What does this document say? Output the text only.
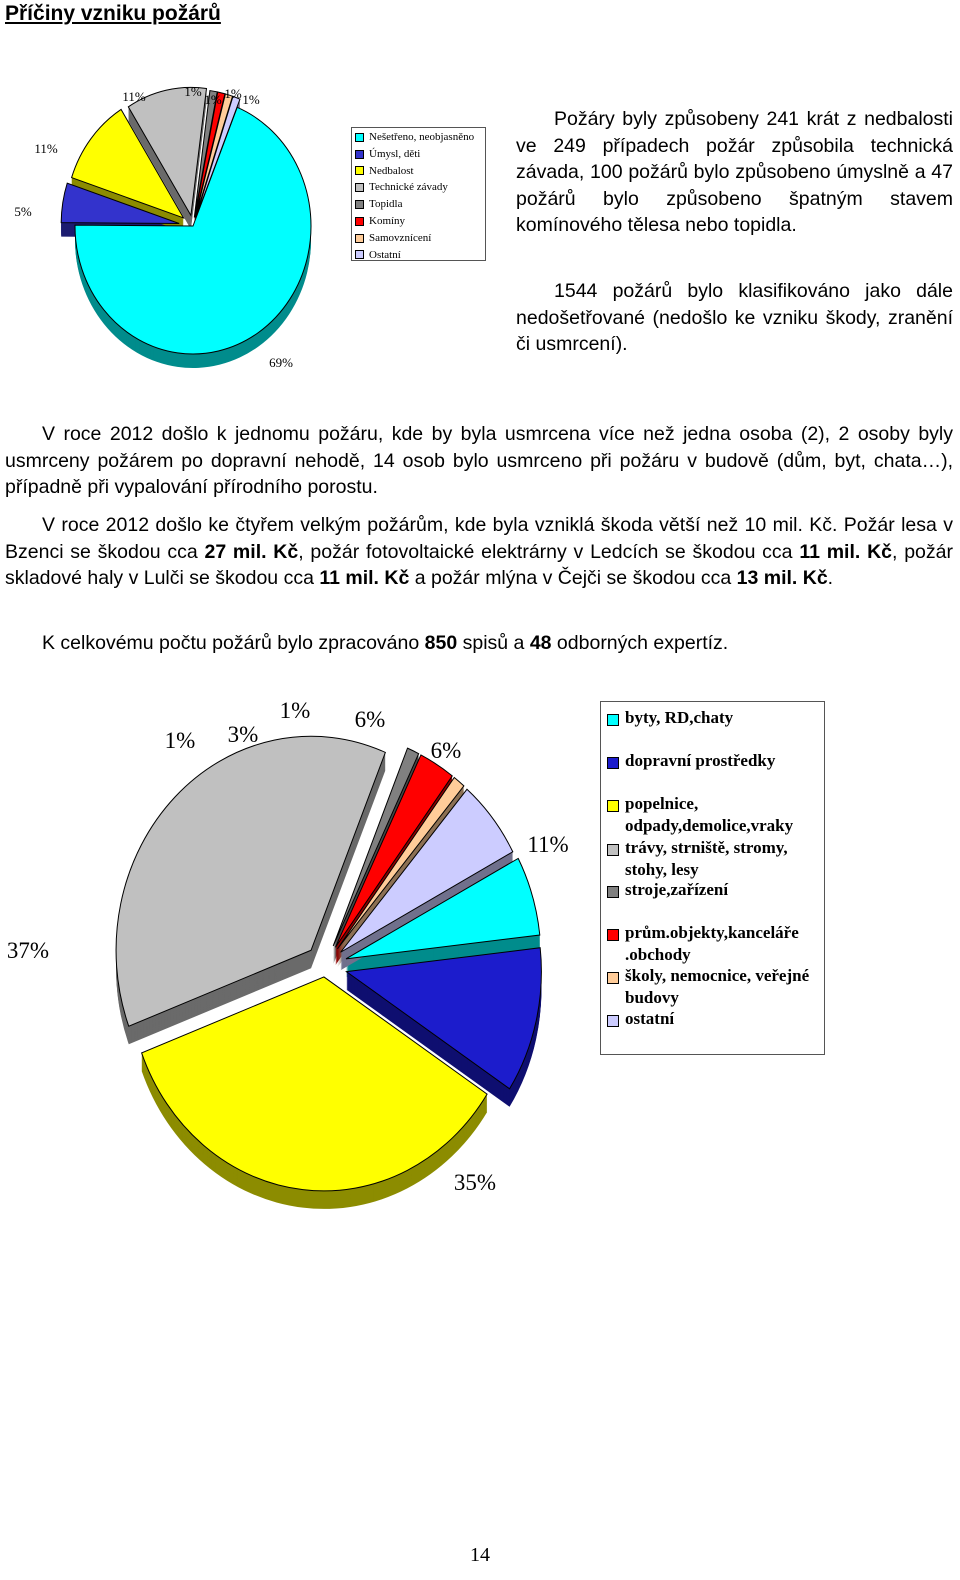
Příčiny vzniku požárů
69%
5%
11%
11%	1%
1% 1% 1%
6%
11%
35%
37%
1% 3%
1% 6%
Nešetřeno, neobjasněno
Úmysl, děti
Nedbalost
Technické závady
Topidla
Komíny
Samovznícení
Ostatní

Požáry byly způsobeny 241 krát z nedbalosti ve 249 případech požár způsobila technická závada, 100 požárů bylo způsobeno úmyslně a 47 požárů bylo způsobeno špatným stavem komínového tělesa nebo topidla.

1544 požárů bylo klasifikováno jako dále nedošetřované (nedošlo ke vzniku škody, zranění či usmrcení).

V roce 2012 došlo k jednomu požáru, kde by byla usmrcena více než jedna osoba (2), 2 osoby byly usmrceny požárem po dopravní nehodě, 14 osob bylo usmrceno při požáru v budově (dům, byt, chata…), případně při vypalování přírodního porostu.

V roce 2012 došlo ke čtyřem velkým požárům, kde byla vzniklá škoda větší než 10 mil. Kč. Požár lesa v Bzenci se škodou cca 27 mil. Kč, požár fotovoltaické elektrárny v Ledcích se škodou cca 11 mil. Kč, požár skladové haly v Lulči se škodou cca 11 mil. Kč a požár mlýna v Čejči se škodou cca 13 mil. Kč.

K celkovému počtu požárů bylo zpracováno 850 spisů a 48 odborných expertíz.

byty, RD,chaty
dopravní prostředky
popelnice, odpady,demolice,vraky
trávy, strniště, stromy, stohy, lesy
stroje,zařízení
prům.objekty,kanceláře .obchody
školy, nemocnice, veřejné budovy
ostatní
14
